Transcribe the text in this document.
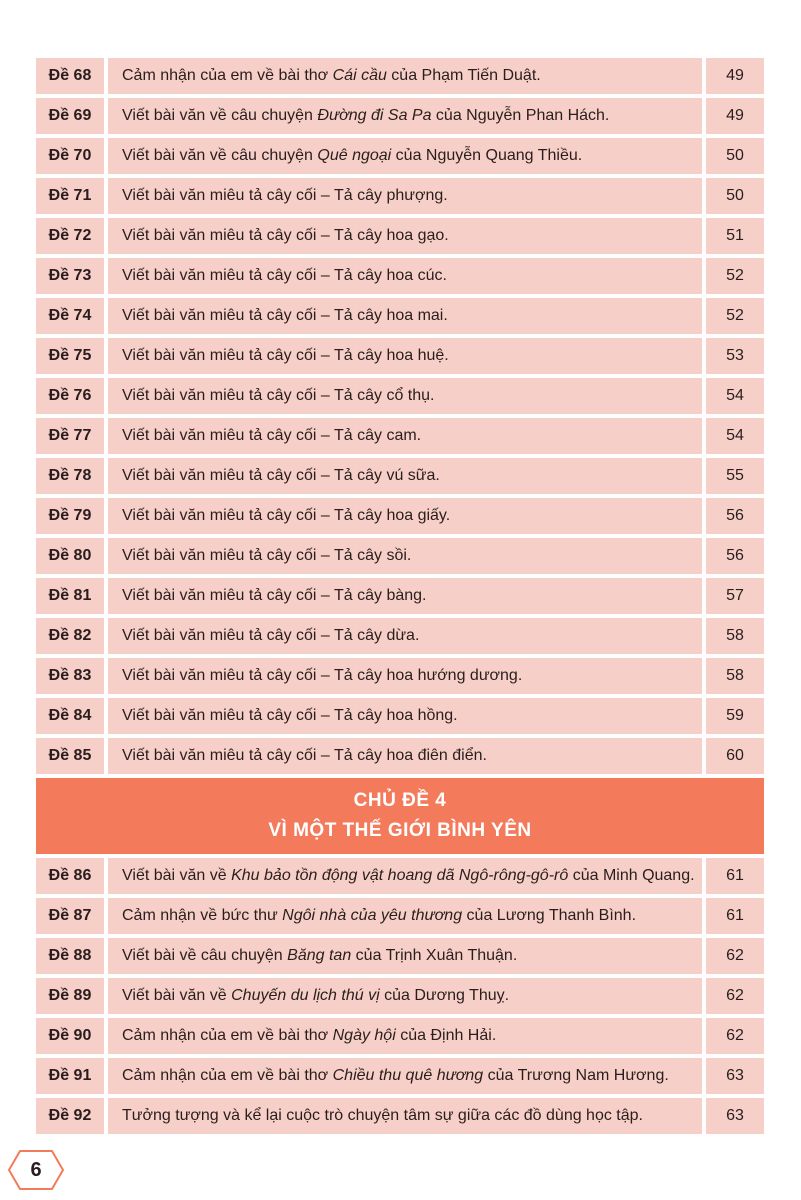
Đề 68	Cảm nhận của em về bài thơ Cái cầu của Phạm Tiến Duật.	49
Đề 69	Viết bài văn về câu chuyện Đường đi Sa Pa của Nguyễn Phan Hách.	49
Đề 70	Viết bài văn về câu chuyện Quê ngoại của Nguyễn Quang Thiều.	50
Đề 71	Viết bài văn miêu tả cây cối – Tả cây phượng.	50
Đề 72	Viết bài văn miêu tả cây cối – Tả cây hoa gạo.	51
Đề 73	Viết bài văn miêu tả cây cối – Tả cây hoa cúc.	52
Đề 74	Viết bài văn miêu tả cây cối – Tả cây hoa mai.	52
Đề 75	Viết bài văn miêu tả cây cối – Tả cây hoa huệ.	53
Đề 76	Viết bài văn miêu tả cây cối – Tả cây cổ thụ.	54
Đề 77	Viết bài văn miêu tả cây cối – Tả cây cam.	54
Đề 78	Viết bài văn miêu tả cây cối – Tả cây vú sữa.	55
Đề 79	Viết bài văn miêu tả cây cối – Tả cây hoa giấy.	56
Đề 80	Viết bài văn miêu tả cây cối – Tả cây sồi.	56
Đề 81	Viết bài văn miêu tả cây cối – Tả cây bàng.	57
Đề 82	Viết bài văn miêu tả cây cối – Tả cây dừa.	58
Đề 83	Viết bài văn miêu tả cây cối – Tả cây hoa hướng dương.	58
Đề 84	Viết bài văn miêu tả cây cối – Tả cây hoa hồng.	59
Đề 85	Viết bài văn miêu tả cây cối – Tả cây hoa điên điển.	60
CHỦ ĐỀ 4
VÌ MỘT THẾ GIỚI BÌNH YÊN
Đề 86	Viết bài văn về Khu bảo tồn động vật hoang dã Ngô-rông-gô-rô của Minh Quang.	61
Đề 87	Cảm nhận về bức thư Ngôi nhà của yêu thương của Lương Thanh Bình.	61
Đề 88	Viết bài về câu chuyện Băng tan của Trịnh Xuân Thuận.	62
Đề 89	Viết bài văn về Chuyến du lịch thú vị của Dương Thuỵ.	62
Đề 90	Cảm nhận của em về bài thơ Ngày hội của Định Hải.	62
Đề 91	Cảm nhận của em về bài thơ Chiều thu quê hương của Trương Nam Hương.	63
Đề 92	Tưởng tượng và kể lại cuộc trò chuyện tâm sự giữa các đồ dùng học tập.	63
6
